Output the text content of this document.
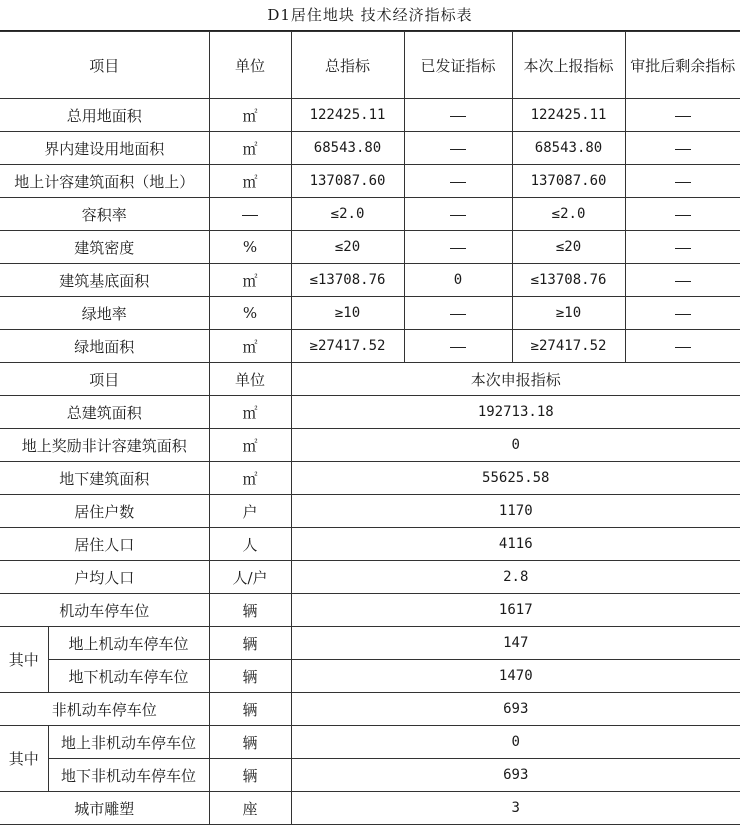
D1居住地块 技术经济指标表
项目		单位	总指标	已发证指标	本次上报指标	审批后剩余指标
总用地面积		㎡	122425.11		122425.11	
界内建设用地面积		㎡	68543.80		68543.80	
地上计容建筑面积（地上）		㎡	137087.60		137087.60	
容积率			≤2.0		≤2.0	
建筑密度		%	≤20		≤20	
建筑基底面积		㎡	≤13708.76	0	≤13708.76	
绿地率		%	≥10		≥10	
绿地面积		㎡	≥27417.52		≥27417.52	
项目		单位	本次申报指标			
总建筑面积		㎡	192713.18			
地上奖励非计容建筑面积		㎡	0			
地下建筑面积		㎡	55625.58			
居住户数		户	1170			
居住人口		人	4116			
户均人口		人/户	2.8			
机动车停车位		辆	1617			
其中	地上机动车停车位	辆	147			
	地下机动车停车位	辆	1470			
非机动车停车位		辆	693			
其中	地上非机动车停车位	辆	0			
	地下非机动车停车位	辆	693			
城市雕塑		座	3			
